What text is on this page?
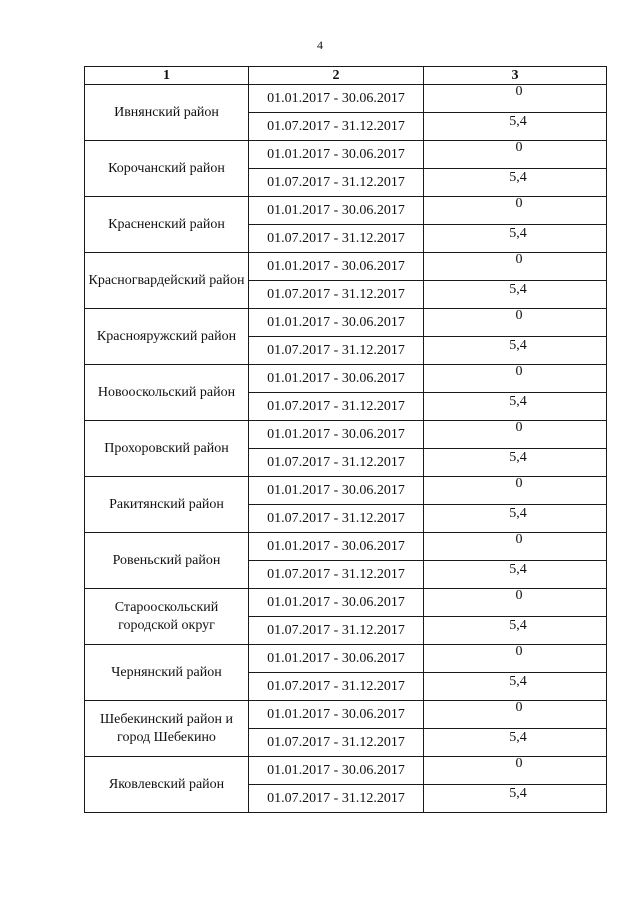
4
1	2	3
Ивнянский район	01.01.2017 - 30.06.2017	0
	01.07.2017 - 31.12.2017	5,4
Корочанский район	01.01.2017 - 30.06.2017	0
	01.07.2017 - 31.12.2017	5,4
Красненский район	01.01.2017 - 30.06.2017	0
	01.07.2017 - 31.12.2017	5,4
Красногвардейский район	01.01.2017 - 30.06.2017	0
	01.07.2017 - 31.12.2017	5,4
Краснояружский район	01.01.2017 - 30.06.2017	0
	01.07.2017 - 31.12.2017	5,4
Новооскольский район	01.01.2017 - 30.06.2017	0
	01.07.2017 - 31.12.2017	5,4
Прохоровский район	01.01.2017 - 30.06.2017	0
	01.07.2017 - 31.12.2017	5,4
Ракитянский район	01.01.2017 - 30.06.2017	0
	01.07.2017 - 31.12.2017	5,4
Ровеньский район	01.01.2017 - 30.06.2017	0
	01.07.2017 - 31.12.2017	5,4
Старооскольский городской округ	01.01.2017 - 30.06.2017	0
	01.07.2017 - 31.12.2017	5,4
Чернянский район	01.01.2017 - 30.06.2017	0
	01.07.2017 - 31.12.2017	5,4
Шебекинский район и город Шебекино	01.01.2017 - 30.06.2017	0
	01.07.2017 - 31.12.2017	5,4
Яковлевский район	01.01.2017 - 30.06.2017	0
	01.07.2017 - 31.12.2017	5,4
